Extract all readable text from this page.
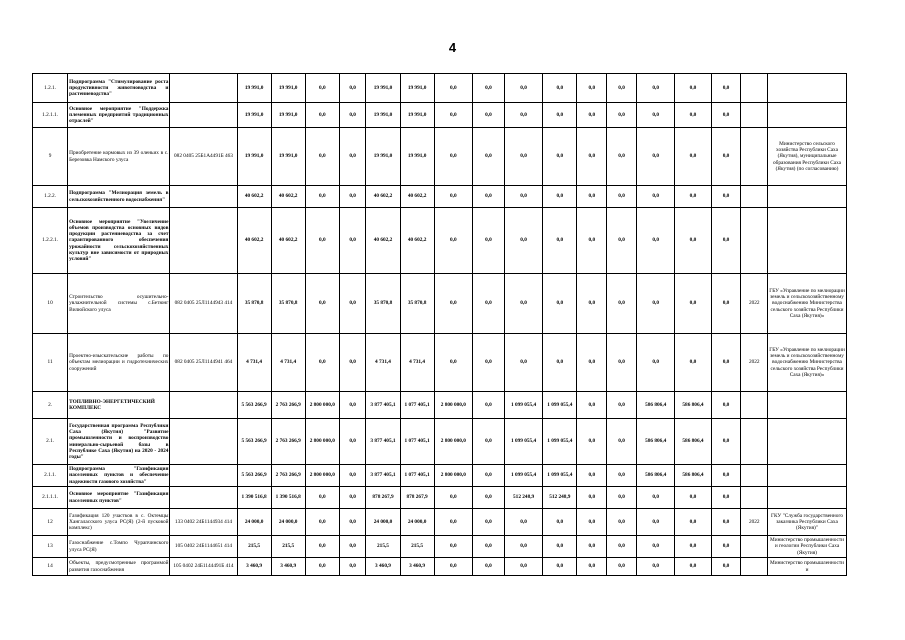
4
1.2.1.	Подпрограмма "Стимулирование роста продуктивности животноводства и растениеводства"		19 991,0	19 991,0	0,0	0,0	19 991,0	19 991,0	0,0	0,0	0,0	0,0	0,0	0,0	0,0	0,0	0,0		
1.2.1.1.	Основное мероприятие "Поддержка племенных предприятий традиционных отраслей"		19 991,0	19 991,0	0,0	0,0	19 991,0	19 991,0	0,0	0,0	0,0	0,0	0,0	0,0	0,0	0,0	0,0		
9	Приобретение кормовых из 39 оленьих в с. Березовка Намского улуса	082 0405 25Б1А4491Б 463	19 991,0	19 991,0	0,0	0,0	19 991,0	19 991,0	0,0	0,0	0,0	0,0	0,0	0,0	0,0	0,0	0,0		Министерство сельского хозяйства Республики Саха (Якутия), муниципальные образования Республики Саха (Якутия) (по согласованию)
1.2.2.	Подпрограмма "Мелиорация земель в сельскохозяйственного водоснабжения"		40 602,2	40 602,2	0,0	0,0	40 602,2	40 602,2	0,0	0,0	0,0	0,0	0,0	0,0	0,0	0,0	0,0		
1.2.2.1.	Основное мероприятие "Увеличение объемов производства основных видов продукции растениеводства за счет гарантированного обеспечения урожайности сельскохозяйственных культур вне зависимости от природных условий"		40 602,2	40 602,2	0,0	0,0	40 602,2	40 602,2	0,0	0,0	0,0	0,0	0,0	0,0	0,0	0,0	0,0		
10	Строительство осушительно-увлажнительной системы с.Бетюнг Вилюйского улуса	082 0405 25Л1144943 414	35 870,8	35 870,8	0,0	0,0	35 870,8	35 870,8	0,0	0,0	0,0	0,0	0,0	0,0	0,0	0,0	0,0	2022	ГБУ «Управление по мелиорации земель и сельскохозяйственному водоснабжению Министерства сельского хозяйства Республики Саха (Якутия)»
11	Проектно-изыскательские работы по объектам мелиорации и гидротехнических сооружений	082 0405 25Л1144941 464	4 731,4	4 731,4	0,0	0,0	4 731,4	4 731,4	0,0	0,0	0,0	0,0	0,0	0,0	0,0	0,0	0,0	2022	ГБУ «Управление по мелиорации земель и сельскохозяйственному водоснабжению Министерства сельского хозяйства Республики Саха (Якутия)»
2.	ТОПЛИВНО-ЭНЕРГЕТИЧЕСКИЙ КОМПЛЕКС		5 563 266,9	2 763 266,9	2 800 000,0	0,0	3 877 405,1	1 077 405,1	2 800 000,0	0,0	1 099 055,4	1 099 055,4	0,0	0,0	586 806,4	586 806,4	0,0		
2.1.	Государственная программа Республики Саха (Якутия) "Развитие промышленности и воспроизводство минерально-сырьевой базы в Республике Саха (Якутия) на 2020 - 2024 годы"		5 563 266,9	2 763 266,9	2 800 000,0	0,0	3 877 405,1	1 077 405,1	2 800 000,0	0,0	1 099 055,4	1 099 055,4	0,0	0,0	586 806,4	586 806,4	0,0		
2.1.1.	Подпрограмма "Газификация населенных пунктов и обеспечение надежности газового хозяйства"		5 563 266,9	2 763 266,9	2 800 000,0	0,0	3 877 405,1	1 077 405,1	2 800 000,0	0,0	1 099 055,4	1 099 055,4	0,0	0,0	586 806,4	586 806,4	0,0		
2.1.1.1.	Основное мероприятие "Газификация населенных пунктов"		1 390 516,8	1 390 516,8	0,0	0,0	878 267,9	878 267,9	0,0	0,0	512 248,9	512 248,9	0,0	0,0	0,0	0,0	0,0		
12	Газификация 120 участков в с. Октемцы Хангаласского улуса РС(Я) (2-й пусковой комплекс)	133 0402 24Б1144934 414	24 000,0	24 000,0	0,0	0,0	24 000,0	24 000,0	0,0	0,0	0,0	0,0	0,0	0,0	0,0	0,0	0,0	2022	ГКУ "Служба государственного заказчика Республики Саха (Якутия)"
13	Газоснабжение с.Томпо Чурапчинского улуса РС(Я)	105 0402 24Б1144651 414	215,5	215,5	0,0	0,0	215,5	215,5	0,0	0,0	0,0	0,0	0,0	0,0	0,0	0,0	0,0		Министерство промышленности и геологии Республики Саха (Якутия)
14	Объекты, предусмотренные программой развития газоснабжения	105 0402 24Б1144491Б 414	3 460,9	3 460,9	0,0	0,0	3 460,9	3 460,9	0,0	0,0	0,0	0,0	0,0	0,0	0,0	0,0	0,0		Министерство промышленности и
